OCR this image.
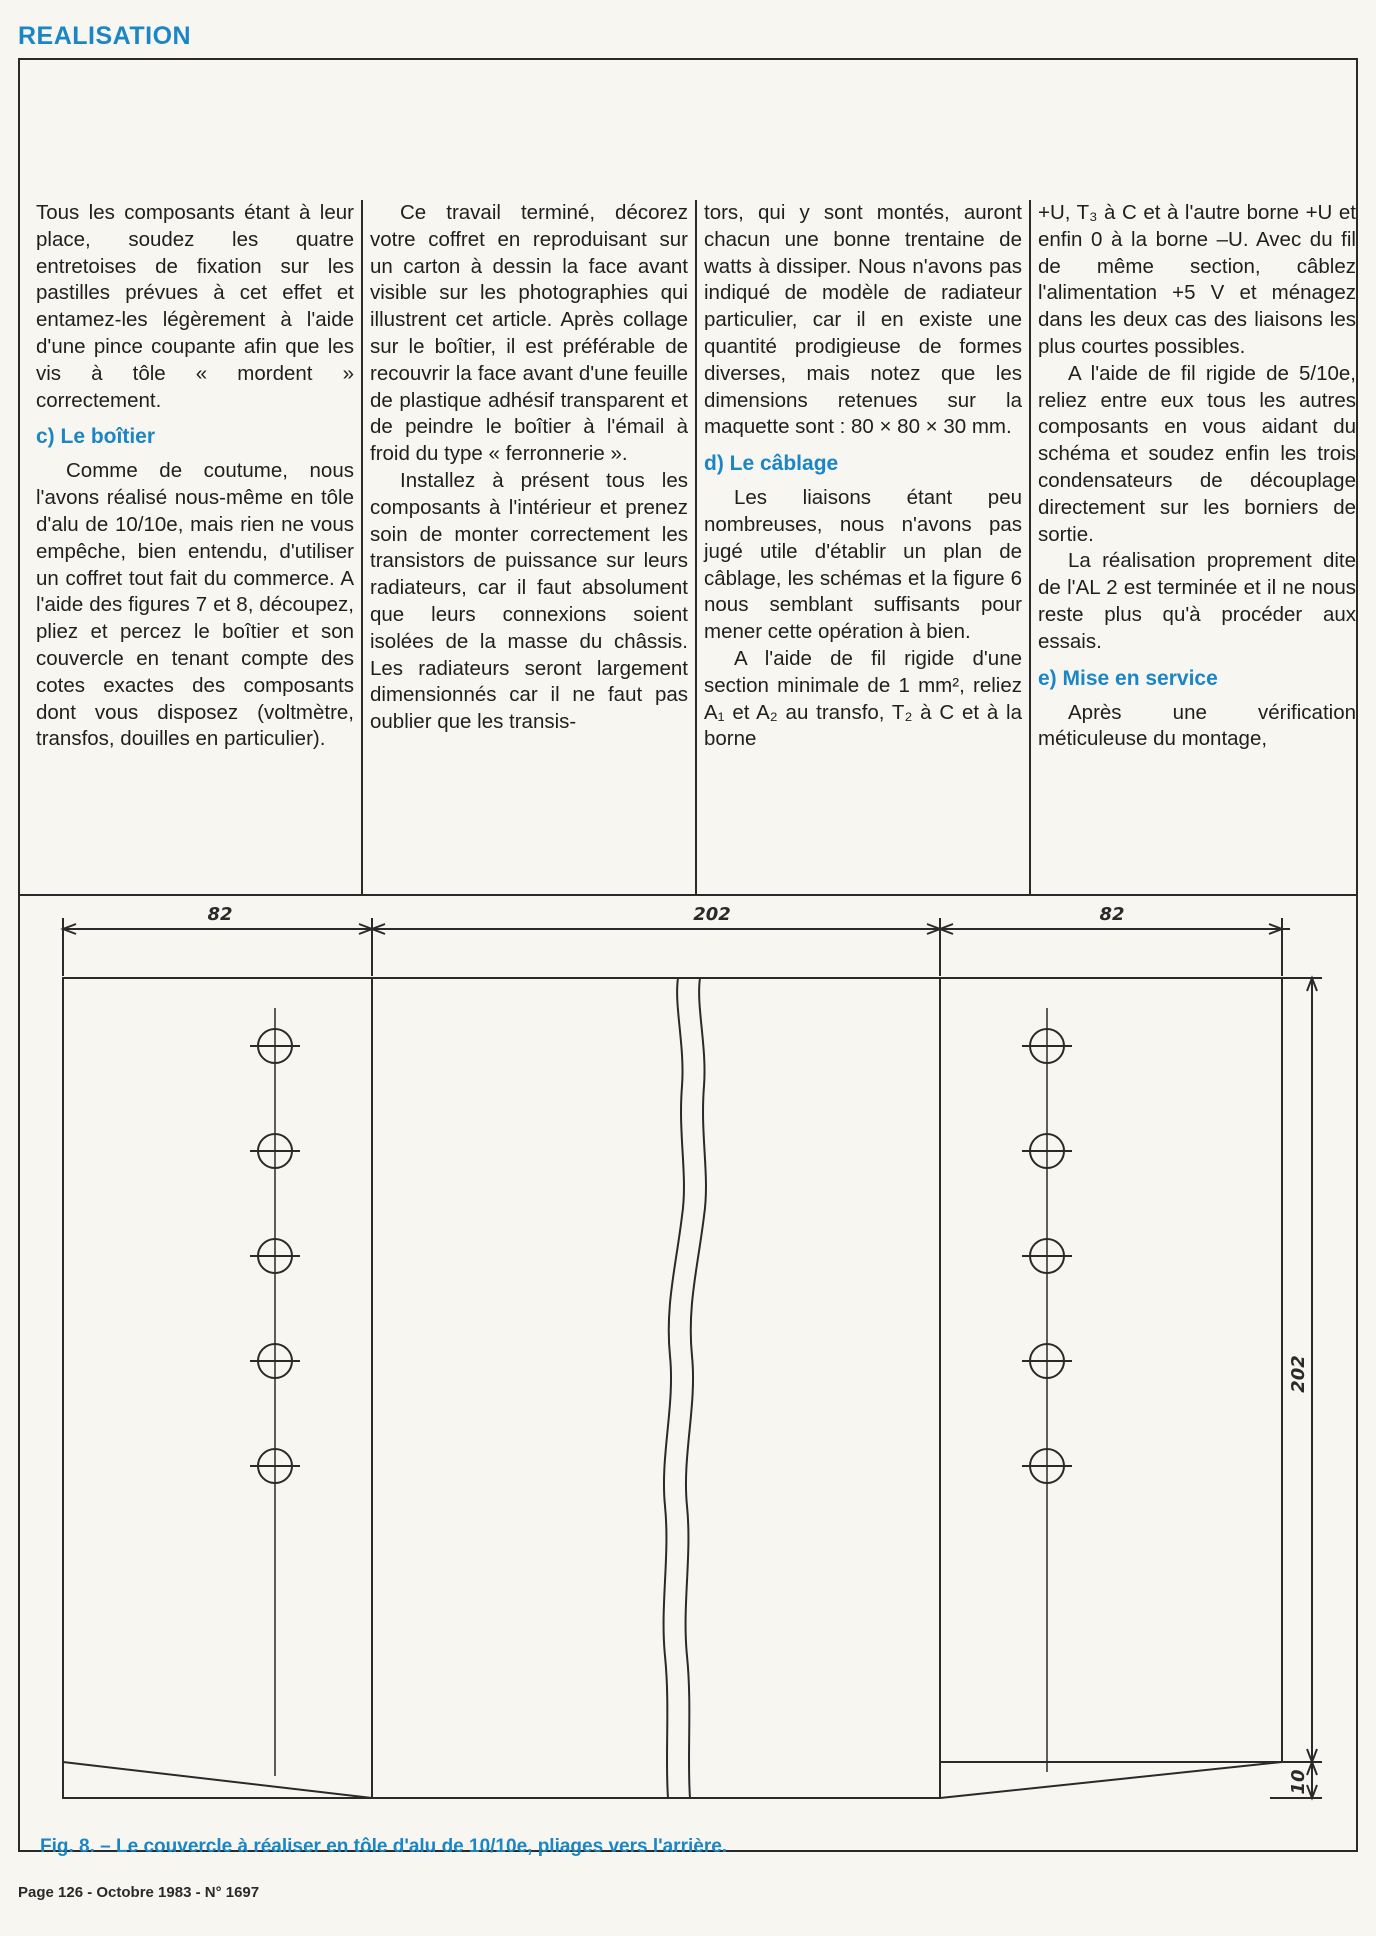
REALISATION

Tous les composants étant à leur place, soudez les quatre entretoises de fixation sur les pastilles prévues à cet effet et entamez-les légèrement à l'aide d'une pince coupante afin que les vis à tôle « mordent » correctement.

c) Le boîtier

Comme de coutume, nous l'avons réalisé nous-même en tôle d'alu de 10/10e, mais rien ne vous empêche, bien entendu, d'utiliser un coffret tout fait du commerce. A l'aide des figures 7 et 8, découpez, pliez et percez le boîtier et son couvercle en tenant compte des cotes exactes des composants dont vous disposez (voltmètre, transfos, douilles en particulier).

Ce travail terminé, décorez votre coffret en reproduisant sur un carton à dessin la face avant visible sur les photographies qui illustrent cet article. Après collage sur le boîtier, il est préférable de recouvrir la face avant d'une feuille de plastique adhésif transparent et de peindre le boîtier à l'émail à froid du type « ferronnerie ».

Installez à présent tous les composants à l'intérieur et prenez soin de monter correctement les transistors de puissance sur leurs radiateurs, car il faut absolument que leurs connexions soient isolées de la masse du châssis. Les radiateurs seront largement dimensionnés car il ne faut pas oublier que les transis-

tors, qui y sont montés, auront chacun une bonne trentaine de watts à dissiper. Nous n'avons pas indiqué de modèle de radiateur particulier, car il en existe une quantité prodigieuse de formes diverses, mais notez que les dimensions retenues sur la maquette sont : 80 × 80 × 30 mm.

d) Le câblage

Les liaisons étant peu nombreuses, nous n'avons pas jugé utile d'établir un plan de câblage, les schémas et la figure 6 nous semblant suffisants pour mener cette opération à bien.

A l'aide de fil rigide d'une section minimale de 1 mm², reliez A₁ et A₂ au transfo, T₂ à C et à la borne

+U, T₃ à C et à l'autre borne +U et enfin 0 à la borne –U. Avec du fil de même section, câblez l'alimentation +5 V et ménagez dans les deux cas des liaisons les plus courtes possibles.

A l'aide de fil rigide de 5/10e, reliez entre eux tous les autres composants en vous aidant du schéma et soudez enfin les trois condensateurs de découplage directement sur les borniers de sortie.

La réalisation proprement dite de l'AL 2 est terminée et il ne nous reste plus qu'à procéder aux essais.

e) Mise en service

Après une vérification méticuleuse du montage,

82	202	82
202
10
Fig. 8. – Le couvercle à réaliser en tôle d'alu de 10/10e, pliages vers l'arrière.
Page 126 - Octobre 1983 - N° 1697
